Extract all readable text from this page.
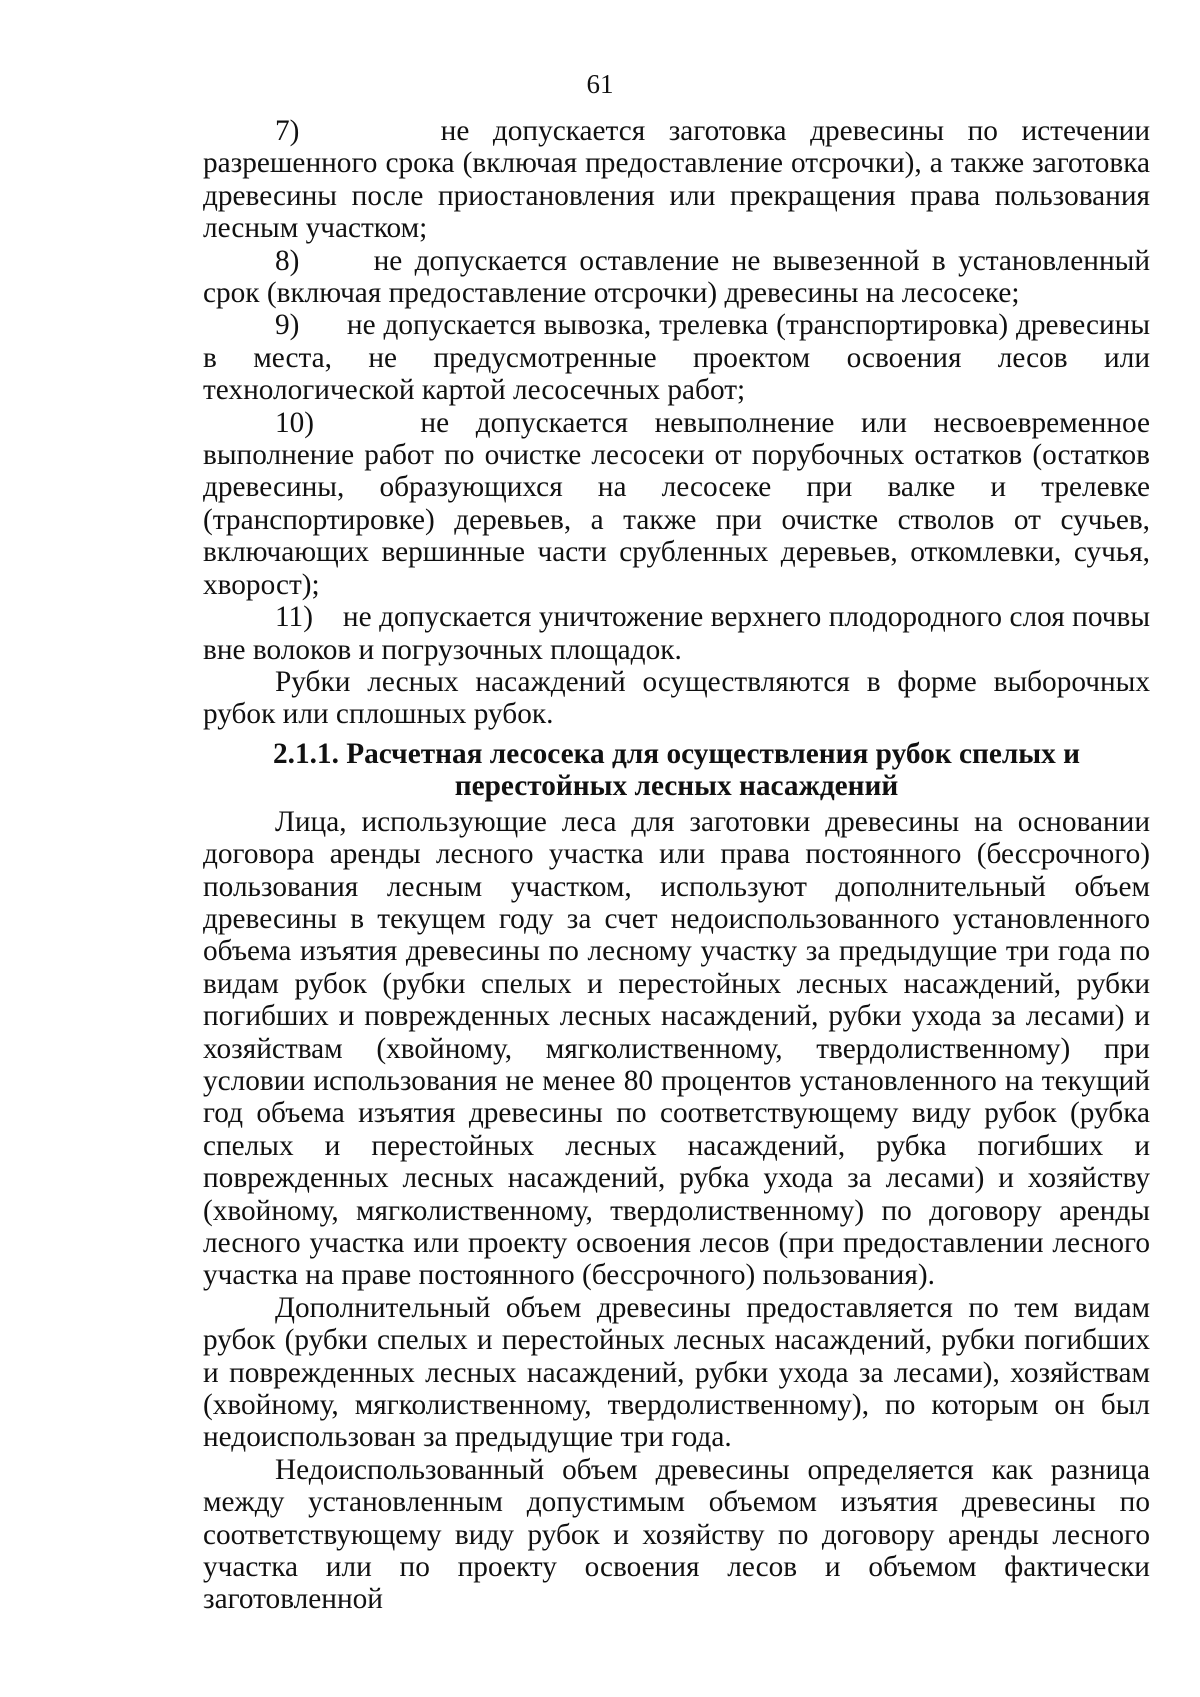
61

7)	не допускается заготовка древесины по истечении разрешенного срока (включая предоставление отсрочки), а также заготовка древесины после приостановления или прекращения права пользования лесным участком;

8)	не допускается оставление не вывезенной в установленный срок (включая предоставление отсрочки) древесины на лесосеке;

9) не допускается вывозка, трелевка (транспортировка) древесины в места, не предусмотренные проектом освоения лесов или технологической картой лесосечных работ;

10)	не допускается невыполнение или несвоевременное выполнение работ по очистке лесосеки от порубочных остатков (остатков древесины, образующихся на лесосеке при валке и трелевке (транспортировке) деревьев, а также при очистке стволов от сучьев, включающих вершинные части срубленных деревьев, откомлевки, сучья, хворост);

11) не допускается уничтожение верхнего плодородного слоя почвы вне волоков и погрузочных площадок.

Рубки лесных насаждений осуществляются в форме выборочных рубок или сплошных рубок.

2.1.1. Расчетная лесосека для осуществления рубок спелых и
перестойных лесных насаждений

Лица, использующие леса для заготовки древесины на основании договора аренды лесного участка или права постоянного (бессрочного) пользования лесным участком, используют дополнительный объем древесины в текущем году за счет недоиспользованного установленного объема изъятия древесины по лесному участку за предыдущие три года по видам рубок (рубки спелых и перестойных лесных насаждений, рубки погибших и поврежденных лесных насаждений, рубки ухода за лесами) и хозяйствам (хвойному, мягколиственному, твердолиственному) при условии использования не менее 80 процентов установленного на текущий год объема изъятия древесины по соответствующему виду рубок (рубка спелых и перестойных лесных насаждений, рубка погибших и поврежденных лесных насаждений, рубка ухода за лесами) и хозяйству (хвойному, мягколиственному, твердолиственному) по договору аренды лесного участка или проекту освоения лесов (при предоставлении лесного участка на праве постоянного (бессрочного) пользования).

Дополнительный объем древесины предоставляется по тем видам рубок (рубки спелых и перестойных лесных насаждений, рубки погибших и поврежденных лесных насаждений, рубки ухода за лесами), хозяйствам (хвойному, мягколиственному, твердолиственному), по которым он был недоиспользован за предыдущие три года.

Недоиспользованный объем древесины определяется как разница между установленным допустимым объемом изъятия древесины по соответствующему виду рубок и хозяйству по договору аренды лесного участка или по проекту освоения лесов и объемом фактически заготовленной
